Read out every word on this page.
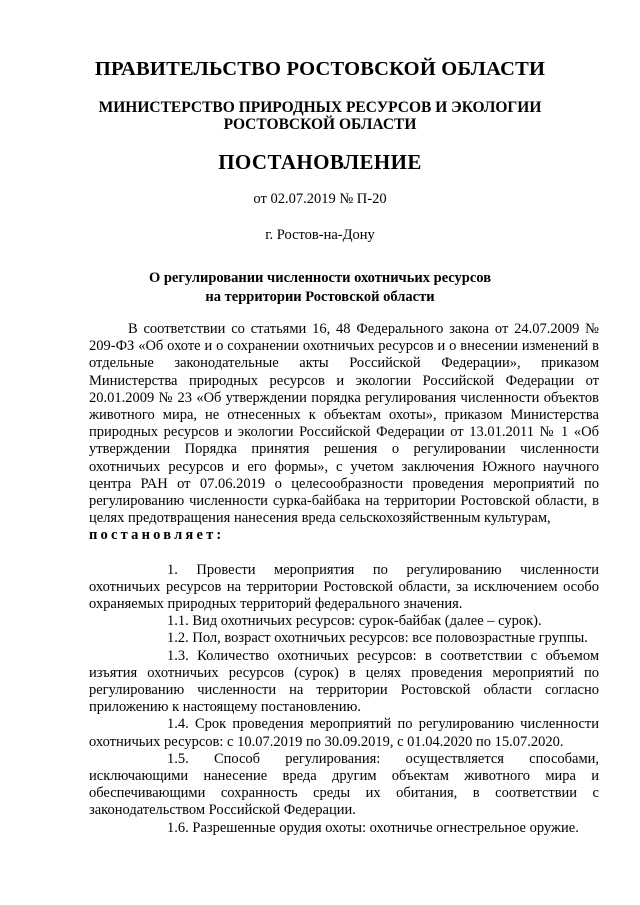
ПРАВИТЕЛЬСТВО РОСТОВСКОЙ ОБЛАСТИ
МИНИСТЕРСТВО ПРИРОДНЫХ РЕСУРСОВ И ЭКОЛОГИИ
РОСТОВСКОЙ ОБЛАСТИ
ПОСТАНОВЛЕНИЕ
от 02.07.2019 № П-20
г. Ростов-на-Дону
О регулировании численности охотничьих ресурсов
на территории Ростовской области

В соответствии со статьями 16, 48 Федерального закона от 24.07.2009 № 209-ФЗ «Об охоте и о сохранении охотничьих ресурсов и о внесении изменений в отдельные законодательные акты Российской Федерации», приказом Министерства природных ресурсов и экологии Российской Федерации от 20.01.2009 № 23 «Об утверждении порядка регулирования численности объектов животного мира, не отнесенных к объектам охоты», приказом Министерства природных ресурсов и экологии Российской Федерации от 13.01.2011 № 1 «Об утверждении Порядка принятия решения о регулировании численности охотничьих ресурсов и его формы», с учетом заключения Южного научного центра РАН от 07.06.2019 о целесообразности проведения мероприятий по регулированию численности сурка-байбака на территории Ростовской области, в целях предотвращения нанесения вреда сельскохозяйственным культурам,

постановляет:

1. Провести мероприятия по регулированию численности охотничьих ресурсов на территории Ростовской области, за исключением особо охраняемых природных территорий федерального значения.

1.1. Вид охотничьих ресурсов: сурок-байбак (далее – сурок).

1.2. Пол, возраст охотничьих ресурсов: все половозрастные группы.

1.3. Количество охотничьих ресурсов: в соответствии с объемом изъятия охотничьих ресурсов (сурок) в целях проведения мероприятий по регулированию численности на территории Ростовской области согласно приложению к настоящему постановлению.

1.4. Срок проведения мероприятий по регулированию численности охотничьих ресурсов: с 10.07.2019 по 30.09.2019, с 01.04.2020 по 15.07.2020.

1.5. Способ регулирования: осуществляется способами, исключающими нанесение вреда другим объектам животного мира и обеспечивающими сохранность среды их обитания, в соответствии с законодательством Российской Федерации.

1.6. Разрешенные орудия охоты: охотничье огнестрельное оружие.
